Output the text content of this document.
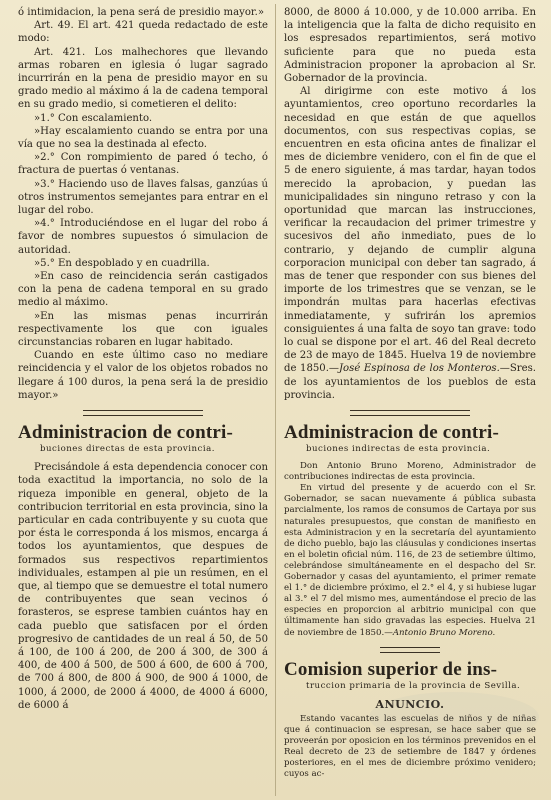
ó intimidacion, la pena será de presidio mayor.»

Art. 49. El art. 421 queda redactado de este modo:

Art. 421. Los malhechores que llevando armas robaren en iglesia ó lugar sagrado incurrirán en la pena de presidio mayor en su grado medio al máximo á la de cadena temporal en su grado medio, si cometieren el delito:

»1.° Con escalamiento.

»Hay escalamiento cuando se entra por una vía que no sea la destinada al efecto.

»2.° Con rompimiento de pared ó techo, ó fractura de puertas ó ventanas.

»3.° Haciendo uso de llaves falsas, ganzúas ú otros instrumentos semejantes para entrar en el lugar del robo.

»4.° Introduciéndose en el lugar del robo á favor de nombres supuestos ó simulacion de autoridad.

»5.° En despoblado y en cuadrilla.

»En caso de reincidencia serán castigados con la pena de cadena temporal en su grado medio al máximo.

»En las mismas penas incurrirán respectivamente los que con iguales circunstancias robaren en lugar habitado.

Cuando en este último caso no mediare reincidencia y el valor de los objetos robados no llegare á 100 duros, la pena será la de presidio mayor.»

Administracion de contri-

buciones directas de esta provincia.

Precisándole á esta dependencia conocer con toda exactitud la importancia, no solo de la riqueza imponible en general, objeto de la contribucion territorial en esta provincia, sino la particular en cada contribuyente y su cuota que por ésta le corresponda á los mismos, encarga á todos los ayuntamientos, que despues de formados sus respectivos repartimientos individuales, estampen al pie un resúmen, en el que, al tiempo que se demuestre el total numero de contribuyentes que sean vecinos ó forasteros, se esprese tambien cuántos hay en cada pueblo que satisfacen por el órden progresivo de cantidades de un real á 50, de 50 á 100, de 100 á 200, de 200 á 300, de 300 á 400, de 400 á 500, de 500 á 600, de 600 á 700, de 700 á 800, de 800 á 900, de 900 á 1000, de 1000, á 2000, de 2000 á 4000, de 4000 á 6000, de 6000 á

8000, de 8000 á 10.000, y de 10.000 arriba. En la inteligencia que la falta de dicho requisito en los espresados repartimientos, será motivo suficiente para que no pueda esta Administracion proponer la aprobacion al Sr. Gobernador de la provincia.

Al dirigirme con este motivo á los ayuntamientos, creo oportuno recordarles la necesidad en que están de que aquellos documentos, con sus respectivas copias, se encuentren en esta oficina antes de finalizar el mes de diciembre venidero, con el fin de que el 5 de enero siguiente, á mas tardar, hayan todos merecido la aprobacion, y puedan las municipalidades sin ninguno retraso y con la oportunidad que marcan las instrucciones, verificar la recaudacion del primer trimestre y sucesivos del año inmediato, pues de lo contrario, y dejando de cumplir alguna corporacion municipal con deber tan sagrado, á mas de tener que responder con sus bienes del importe de los trimestres que se venzan, se le impondrán multas para hacerlas efectivas inmediatamente, y sufrirán los apremios consiguientes á una falta de soyo tan grave: todo lo cual se dispone por el art. 46 del Real decreto de 23 de mayo de 1845. Huelva 19 de noviembre de 1850.—José Espinosa de los Monteros.—Sres. de los ayuntamientos de los pueblos de esta provincia.

Administracion de contri-

buciones indirectas de esta provincia.

Don Antonio Bruno Moreno, Administrador de contribuciones indirectas de esta provincia.

En virtud del presente y de acuerdo con el Sr. Gobernador, se sacan nuevamente á pública subasta parcialmente, los ramos de consumos de Cartaya por sus naturales presupuestos, que constan de manifiesto en esta Administracion y en la secretaría del ayuntamiento de dicho pueblo, bajo las cláusulas y condiciones insertas en el boletin oficial núm. 116, de 23 de setiembre último, celebrándose simultáneamente en el despacho del Sr. Gobernador y casas del ayuntamiento, el primer remate el 1.° de diciembre próximo, el 2.° el 4, y si hubiese lugar al 3.° el 7 del mismo mes, aumentándose el precio de las especies en proporcion al arbitrio municipal con que últimamente han sido gravadas las especies. Huelva 21 de noviembre de 1850.—Antonio Bruno Moreno.

Comision superior de ins-

truccion primaria de la provincia de Sevilla.

ANUNCIO.

Estando vacantes las escuelas de niños y de niñas que á continuacion se espresan, se hace saber que se proveerán por oposicion en los términos prevenidos en el Real decreto de 23 de setiembre de 1847 y órdenes posteriores, en el mes de diciembre próximo venidero; cuyos ac-
